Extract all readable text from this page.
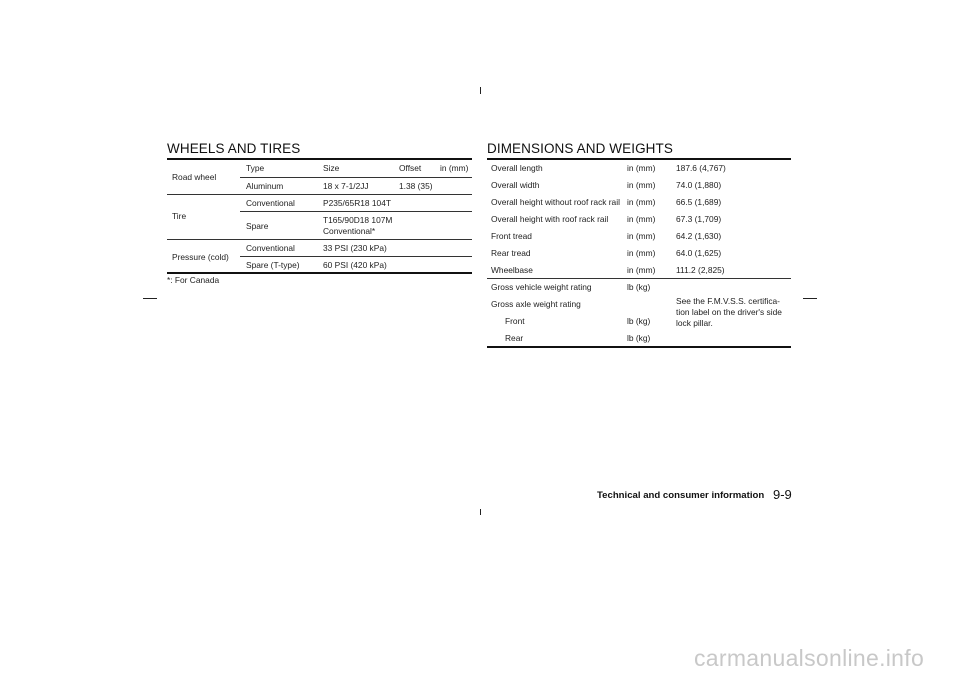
WHEELS AND TIRES
Road wheel
Type	Size	Offset in (mm)
Aluminum	18 x 7-1/2JJ	1.38 (35)
Tire
Conventional	P235/65R18 104T
Spare
T165/90D18 107M
Conventional*
Pressure (cold)
Conventional	33 PSI (230 kPa)
Spare (T-type)	60 PSI (420 kPa)
*: For Canada
DIMENSIONS AND WEIGHTS
Overall length	in (mm) 187.6 (4,767)
Overall width	in (mm) 74.0 (1,880)
Overall height without roof rack rail in (mm) 66.5 (1,689)
Overall height with roof rack rail in (mm) 67.3 (1,709)
Front tread	in (mm) 64.2 (1,630)
Rear tread	in (mm) 64.0 (1,625)
Wheelbase	in (mm) 111.2 (2,825)
Gross vehicle weight rating	lb (kg)
Gross axle weight rating
Front	lb (kg)
Rear	lb (kg)
See the F.M.V.S.S. certifica-
tion label on the driver's side
lock pillar.
Technical and consumer information 9-9
carmanualsonline.info
